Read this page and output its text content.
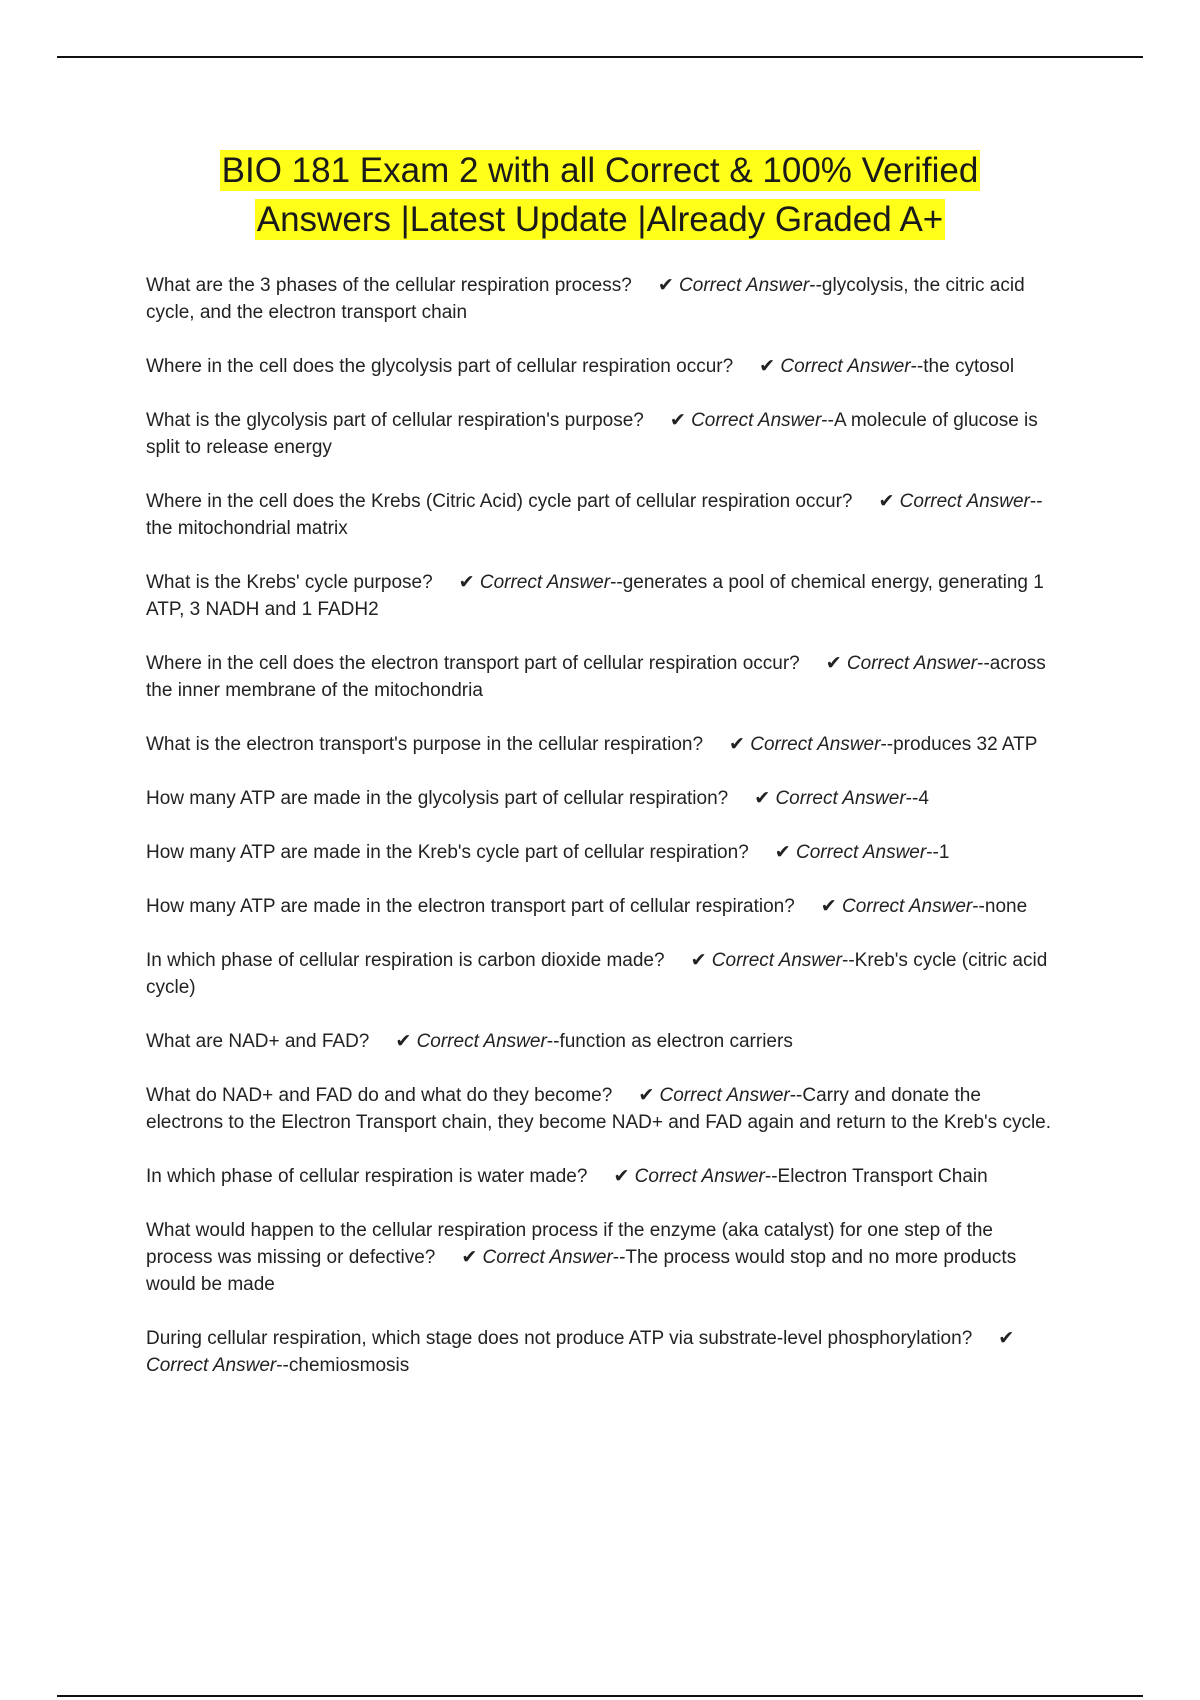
BIO 181 Exam 2 with all Correct & 100% Verified
Answers |Latest Update |Already Graded A+
What are the 3 phases of the cellular respiration process? ✔ Correct Answer--glycolysis, the citric acid cycle, and the electron transport chain
Where in the cell does the glycolysis part of cellular respiration occur? ✔ Correct Answer--the cytosol
What is the glycolysis part of cellular respiration's purpose? ✔ Correct Answer--A molecule of glucose is split to release energy
Where in the cell does the Krebs (Citric Acid) cycle part of cellular respiration occur? ✔ Correct Answer--the mitochondrial matrix
What is the Krebs' cycle purpose? ✔ Correct Answer--generates a pool of chemical energy, generating 1 ATP, 3 NADH and 1 FADH2
Where in the cell does the electron transport part of cellular respiration occur? ✔ Correct Answer--across the inner membrane of the mitochondria
What is the electron transport's purpose in the cellular respiration? ✔ Correct Answer--produces 32 ATP
How many ATP are made in the glycolysis part of cellular respiration? ✔ Correct Answer--4
How many ATP are made in the Kreb's cycle part of cellular respiration? ✔ Correct Answer--1
How many ATP are made in the electron transport part of cellular respiration? ✔ Correct Answer--none
In which phase of cellular respiration is carbon dioxide made? ✔ Correct Answer--Kreb's cycle (citric acid cycle)
What are NAD+ and FAD? ✔ Correct Answer--function as electron carriers
What do NAD+ and FAD do and what do they become? ✔ Correct Answer--Carry and donate the electrons to the Electron Transport chain, they become NAD+ and FAD again and return to the Kreb's cycle.
In which phase of cellular respiration is water made? ✔ Correct Answer--Electron Transport Chain
What would happen to the cellular respiration process if the enzyme (aka catalyst) for one step of the process was missing or defective? ✔ Correct Answer--The process would stop and no more products would be made
During cellular respiration, which stage does not produce ATP via substrate-level phosphorylation? ✔ Correct Answer--chemiosmosis
